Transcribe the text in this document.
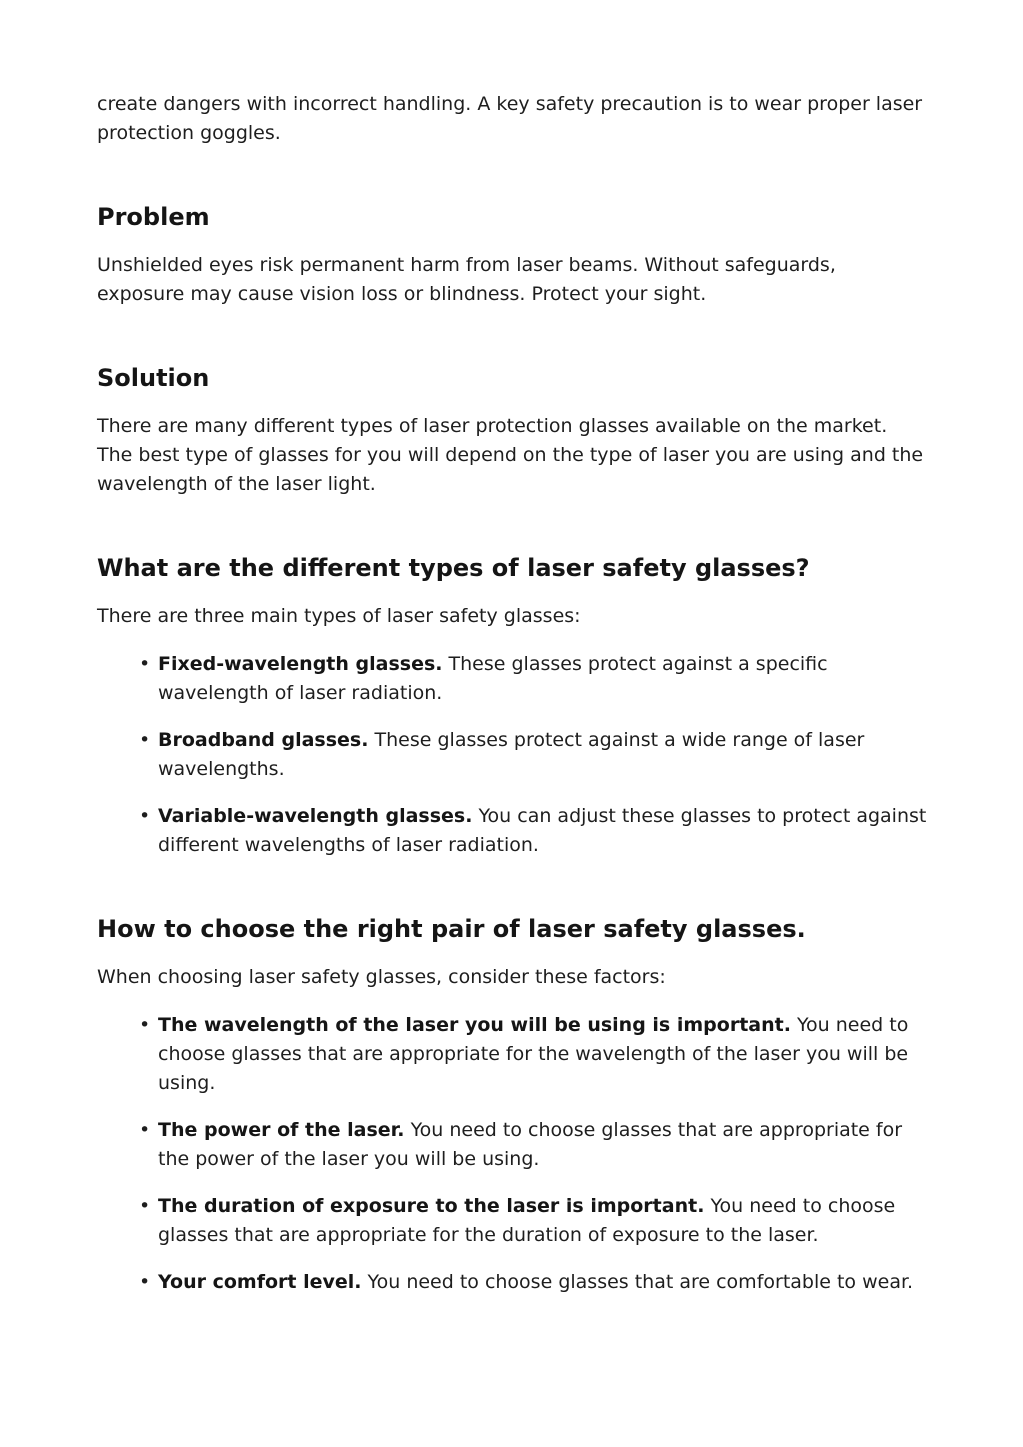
create dangers with incorrect handling. A key safety precaution is to wear proper laser protection goggles.

Problem

Unshielded eyes risk permanent harm from laser beams. Without safeguards, exposure may cause vision loss or blindness. Protect your sight.

Solution

There are many different types of laser protection glasses available on the market. The best type of glasses for you will depend on the type of laser you are using and the wavelength of the laser light.

What are the different types of laser safety glasses?

There are three main types of laser safety glasses:

• Fixed-wavelength glasses. These glasses protect against a specific wavelength of laser radiation.
• Broadband glasses. These glasses protect against a wide range of laser wavelengths.
• Variable-wavelength glasses. You can adjust these glasses to protect against different wavelengths of laser radiation.
How to choose the right pair of laser safety glasses.

When choosing laser safety glasses, consider these factors:

• The wavelength of the laser you will be using is important. You need to choose glasses that are appropriate for the wavelength of the laser you will be using.
• The power of the laser. You need to choose glasses that are appropriate for the power of the laser you will be using.
• The duration of exposure to the laser is important. You need to choose glasses that are appropriate for the duration of exposure to the laser.
• Your comfort level. You need to choose glasses that are comfortable to wear.
